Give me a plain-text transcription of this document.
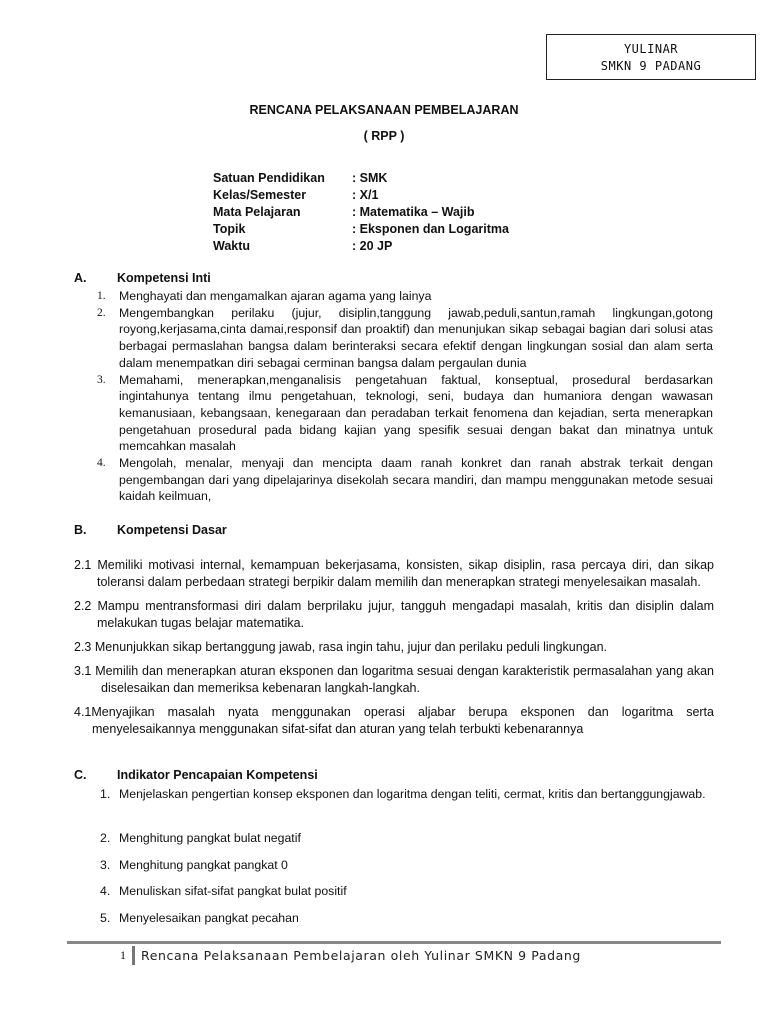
YULINAR
SMKN 9 PADANG
RENCANA PELAKSANAAN PEMBELAJARAN
( RPP )
Satuan Pendidikan	: SMK
Kelas/Semester	: X/1
Mata Pelajaran	: Matematika – Wajib
Topik	: Eksponen dan Logaritma
Waktu	: 20 JP
A.	Kompetensi Inti
1.	Menghayati dan mengamalkan ajaran agama yang lainya
2.	Mengembangkan perilaku (jujur, disiplin,tanggung jawab,peduli,santun,ramah lingkungan,gotong royong,kerjasama,cinta damai,responsif dan proaktif) dan menunjukan sikap sebagai bagian dari solusi atas berbagai permaslahan bangsa dalam berinteraksi secara efektif dengan lingkungan sosial dan alam serta dalam menempatkan diri sebagai cerminan bangsa dalam pergaulan dunia
3.	Memahami, menerapkan,menganalisis pengetahuan faktual, konseptual, prosedural berdasarkan ingintahunya tentang ilmu pengetahuan, teknologi, seni, budaya dan humaniora dengan wawasan kemanusiaan, kebangsaan, kenegaraan dan peradaban terkait fenomena dan kejadian, serta menerapkan pengetahuan prosedural pada bidang kajian yang spesifik sesuai dengan bakat dan minatnya untuk memcahkan masalah
4.	Mengolah, menalar, menyaji dan mencipta daam ranah konkret dan ranah abstrak terkait dengan pengembangan dari yang dipelajarinya disekolah secara mandiri, dan mampu menggunakan metode sesuai kaidah keilmuan,
B.	Kompetensi Dasar
2.1 Memiliki motivasi internal, kemampuan bekerjasama, konsisten, sikap disiplin, rasa percaya diri, dan sikap toleransi dalam perbedaan strategi berpikir dalam memilih dan menerapkan strategi menyelesaikan masalah.
2.2 Mampu mentransformasi diri dalam berprilaku jujur, tangguh mengadapi masalah, kritis dan disiplin dalam melakukan tugas belajar matematika.
2.3 Menunjukkan sikap bertanggung jawab, rasa ingin tahu, jujur dan perilaku peduli lingkungan.
3.1 Memilih dan menerapkan aturan eksponen dan logaritma sesuai dengan karakteristik permasalahan yang akan diselesaikan dan memeriksa kebenaran langkah-langkah.
4.1Menyajikan masalah nyata menggunakan operasi aljabar berupa eksponen dan logaritma serta menyelesaikannya menggunakan sifat-sifat dan aturan yang telah terbukti kebenarannya
C.	Indikator Pencapaian Kompetensi
1. Menjelaskan pengertian konsep eksponen dan logaritma dengan teliti, cermat, kritis dan bertanggungjawab.
2. Menghitung pangkat bulat negatif
3. Menghitung pangkat pangkat 0
4. Menuliskan sifat-sifat pangkat bulat positif
5. Menyelesaikan pangkat pecahan
1	Rencana Pelaksanaan Pembelajaran oleh Yulinar SMKN 9 Padang
